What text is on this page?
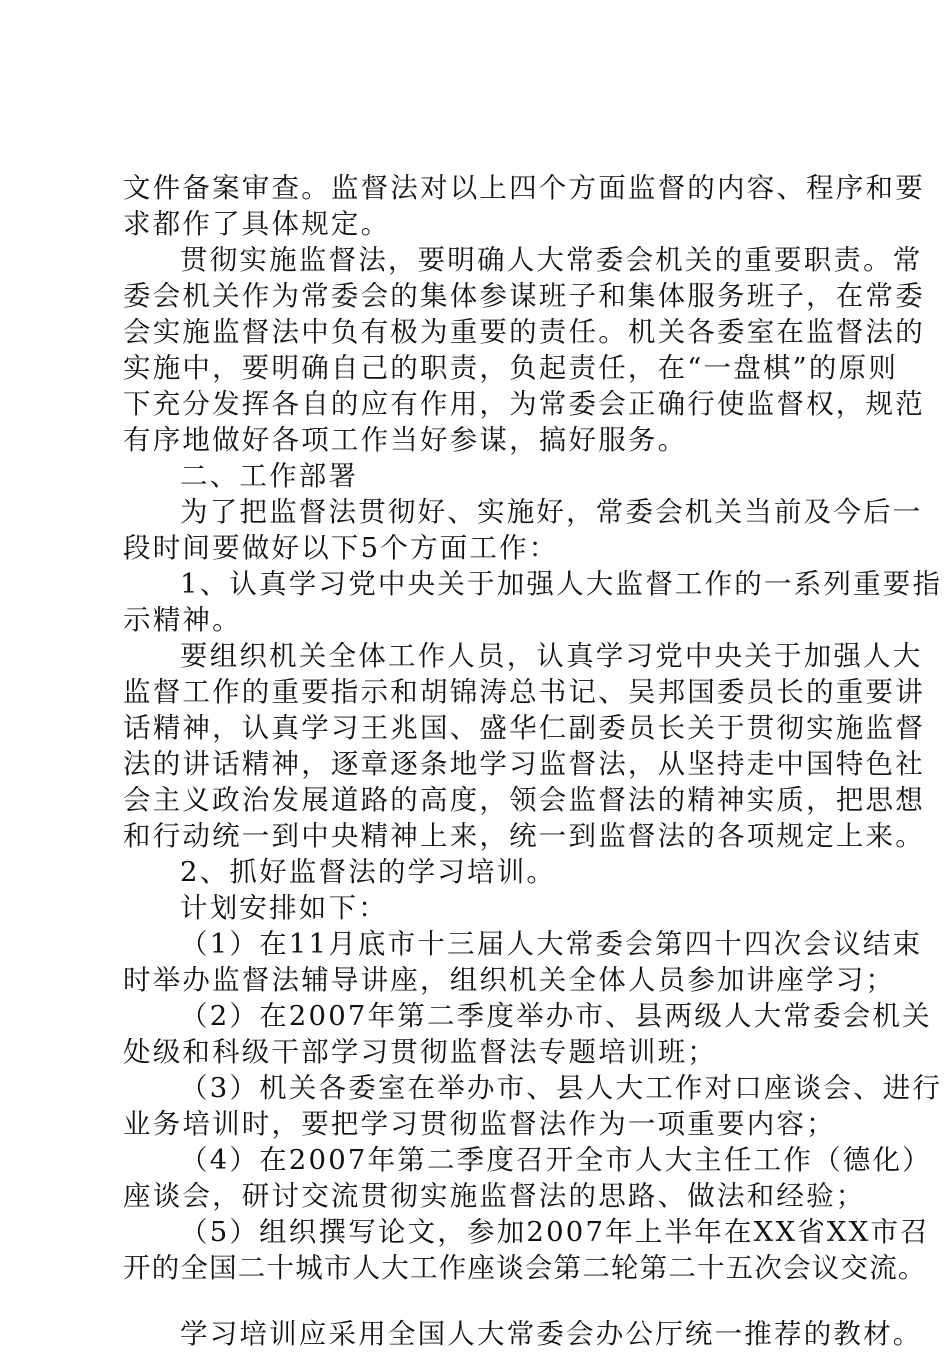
文件备案审查。监督法对以上四个方面监督的内容、程序和要
求都作了具体规定。
贯彻实施监督法，要明确人大常委会机关的重要职责。常
委会机关作为常委会的集体参谋班子和集体服务班子，在常委
会实施监督法中负有极为重要的责任。机关各委室在监督法的
实施中，要明确自己的职责，负起责任，在“一盘棋”的原则
下充分发挥各自的应有作用，为常委会正确行使监督权，规范
有序地做好各项工作当好参谋，搞好服务。
二、工作部署
为了把监督法贯彻好、实施好，常委会机关当前及今后一
段时间要做好以下5个方面工作：
1、认真学习党中央关于加强人大监督工作的一系列重要指
示精神。
要组织机关全体工作人员，认真学习党中央关于加强人大
监督工作的重要指示和胡锦涛总书记、吴邦国委员长的重要讲
话精神，认真学习王兆国、盛华仁副委员长关于贯彻实施监督
法的讲话精神，逐章逐条地学习监督法，从坚持走中国特色社
会主义政治发展道路的高度，领会监督法的精神实质，把思想
和行动统一到中央精神上来，统一到监督法的各项规定上来。
2、抓好监督法的学习培训。
计划安排如下：
（1）在11月底市十三届人大常委会第四十四次会议结束
时举办监督法辅导讲座，组织机关全体人员参加讲座学习；
（2）在2007年第二季度举办市、县两级人大常委会机关
处级和科级干部学习贯彻监督法专题培训班；
（3）机关各委室在举办市、县人大工作对口座谈会、进行
业务培训时，要把学习贯彻监督法作为一项重要内容；
（4）在2007年第二季度召开全市人大主任工作（德化）
座谈会，研讨交流贯彻实施监督法的思路、做法和经验；
（5）组织撰写论文，参加2007年上半年在XX省XX市召
开的全国二十城市人大工作座谈会第二轮第二十五次会议交流。
学习培训应采用全国人大常委会办公厅统一推荐的教材。
